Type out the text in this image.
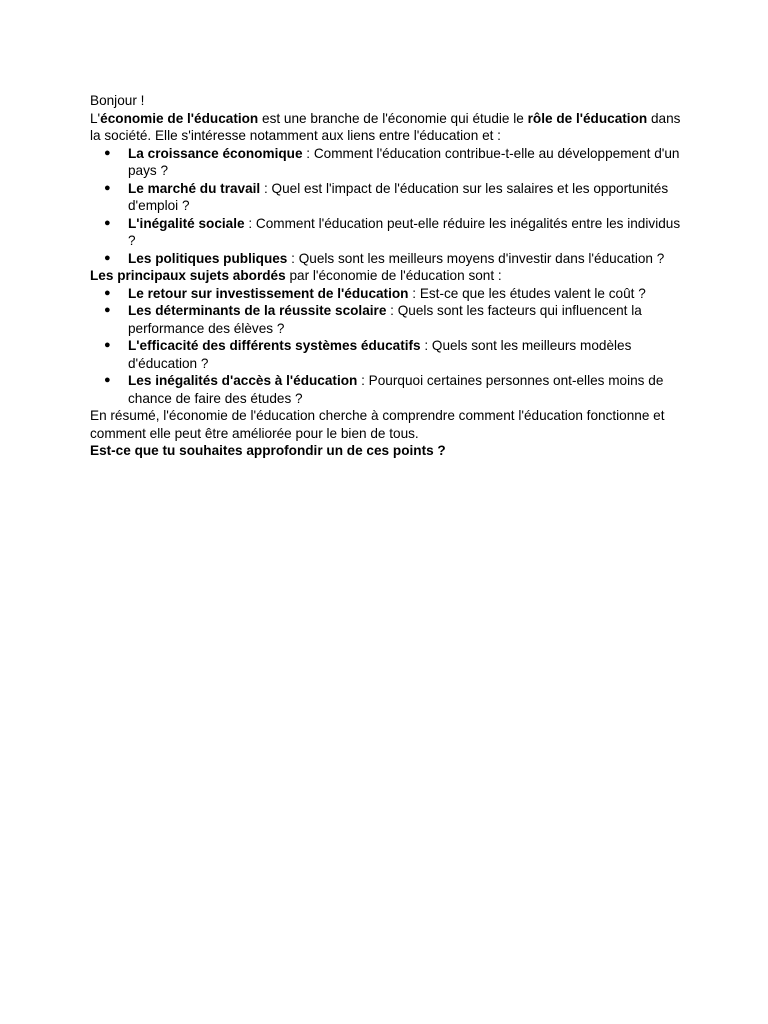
Bonjour !

L'économie de l'éducation est une branche de l'économie qui étudie le rôle de l'éducation dans la société. Elle s'intéresse notamment aux liens entre l'éducation et :

● La croissance économique : Comment l'éducation contribue-t-elle au développement d'un pays ?
● Le marché du travail : Quel est l'impact de l'éducation sur les salaires et les opportunités d'emploi ?
● L'inégalité sociale : Comment l'éducation peut-elle réduire les inégalités entre les individus ?
● Les politiques publiques : Quels sont les meilleurs moyens d'investir dans l'éducation ?

Les principaux sujets abordés par l'économie de l'éducation sont :

● Le retour sur investissement de l'éducation : Est-ce que les études valent le coût ?
● Les déterminants de la réussite scolaire : Quels sont les facteurs qui influencent la performance des élèves ?
● L'efficacité des différents systèmes éducatifs : Quels sont les meilleurs modèles d'éducation ?
● Les inégalités d'accès à l'éducation : Pourquoi certaines personnes ont-elles moins de chance de faire des études ?

En résumé, l'économie de l'éducation cherche à comprendre comment l'éducation fonctionne et comment elle peut être améliorée pour le bien de tous.

Est-ce que tu souhaites approfondir un de ces points ?
